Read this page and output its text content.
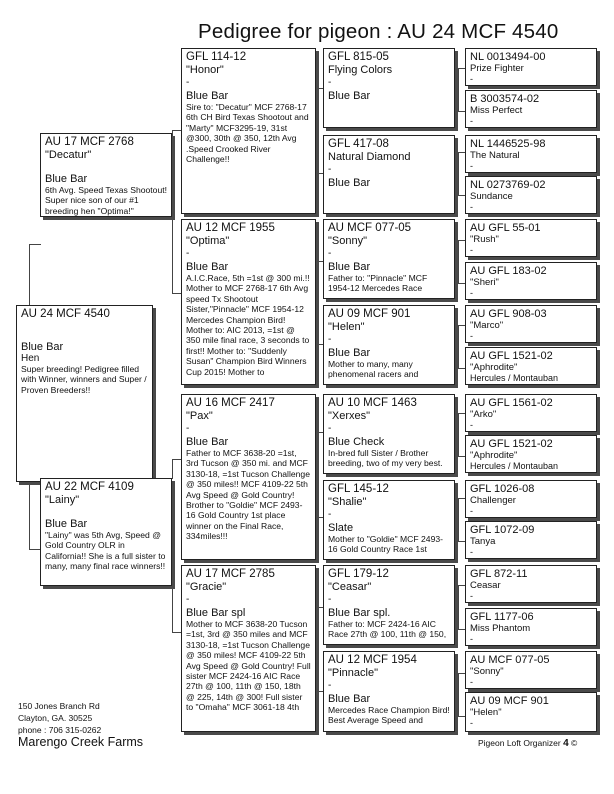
Pedigree for pigeon : AU 24 MCF 4540
AU 24 MCF 4540
Blue Bar
Hen
Super breeding! Pedigree filled with Winner, winners and Super / Proven Breeders!!
AU 17 MCF 2768
"Decatur"
Blue Bar
6th Avg. Speed Texas Shootout! Super nice son of our #1 breeding hen "Optima!"
AU 22 MCF 4109
"Lainy"
Blue Bar
"Lainy" was 5th Avg, Speed @ Gold Country OLR in California!! She is a full sister to many, many final race winners!!
GFL 114-12
"Honor"
-
Blue Bar
Sire to: "Decatur" MCF 2768-17 6th CH Bird Texas Shootout and "Marty" MCF3295-19, 31st @300, 30th @ 350, 12th Avg .Speed Crooked River Challenge!!
AU 12 MCF 1955
"Optima"
-
Blue Bar
A.I.C.Race, 5th =1st @ 300 mi.!! Mother to MCF 2768-17 6th Avg speed Tx Shootout Sister,"Pinnacle" MCF 1954-12 Mercedes Champion Bird! Mother to: AIC 2013, =1st @ 350 mile final race, 3 seconds to first!! Mother to: "Suddenly Susan" Champion Bird Winners Cup 2015! Mother to
AU 16 MCF 2417
"Pax"
-
Blue Bar
Father to MCF 3638-20 =1st, 3rd Tucson @ 350 mi. and MCF 3130-18, =1st Tucson Challenge @ 350 miles!! MCF 4109-22 5th Avg Speed @ Gold Country! Brother to "Goldie" MCF 2493-16 Gold Country 1st place winner on the Final Race, 334miles!!!
AU 17 MCF 2785
"Gracie"
-
Blue Bar spl
Mother to MCF 3638-20 Tucson =1st, 3rd @ 350 miles and MCF 3130-18, =1st Tucson Challenge @ 350 miles! MCF 4109-22 5th Avg Speed @ Gold Country! Full sister MCF 2424-16 AIC Race 27th @ 100, 11th @ 150, 18th @ 225, 14th @ 300! Full sister to "Omaha" MCF 3061-18 4th
GFL 815-05
Flying Colors
-
Blue Bar
GFL 417-08
Natural Diamond
-
Blue Bar
AU MCF 077-05
"Sonny"
-
Blue Bar
Father to: "Pinnacle" MCF 1954-12 Mercedes Race
AU 09 MCF 901
"Helen"
-
Blue Bar
Mother to many, many phenomenal racers and
AU 10 MCF 1463
"Xerxes"
-
Blue Check
In-bred full Sister / Brother breeding, two of my very best.
GFL 145-12
"Shalie"
-
Slate
Mother to "Goldie" MCF 2493-16 Gold Country Race 1st
GFL 179-12
"Ceasar"
-
Blue Bar spl.
Father to: MCF 2424-16 AIC Race 27th @ 100, 11th @ 150,
AU 12 MCF 1954
"Pinnacle"
-
Blue Bar
Mercedes Race Champion Bird! Best Average Speed and
NL 0013494-00
Prize Fighter
-
B 3003574-02
Miss Perfect
-
NL 1446525-98
The Natural
-
NL 0273769-02
Sundance
-
AU GFL 55-01
"Rush"
-
AU GFL 183-02
"Sheri"
-
AU GFL 908-03
"Marco"
-
AU GFL 1521-02
"Aphrodite"
Hercules / Montauban
AU GFL 1561-02
"Arko"
-
AU GFL 1521-02
"Aphrodite"
Hercules / Montauban
GFL 1026-08
Challenger
-
GFL 1072-09
Tanya
-
GFL 872-11
Ceasar
-
GFL 1177-06
Miss Phantom
-
AU MCF 077-05
"Sonny"
-
AU 09 MCF 901
"Helen"
-
150 Jones Branch Rd
Clayton, GA. 30525
phone : 706 315-0262
Marengo Creek Farms	Pigeon Loft Organizer 4 ©
